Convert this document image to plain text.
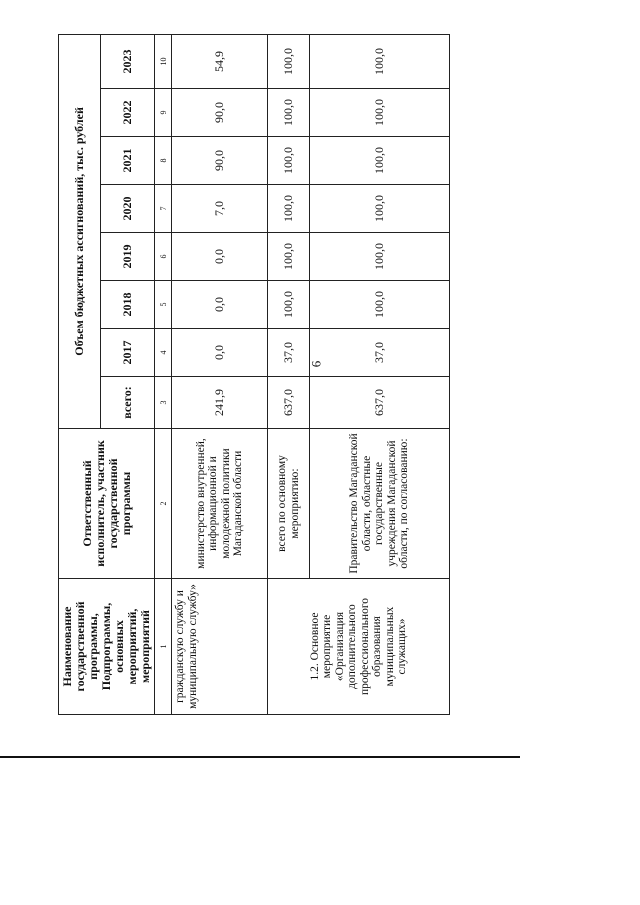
6
Наименование государственной программы, Подпрограммы, основных мероприятий, мероприятий	Ответственный исполнитель, участник государственной программы	Объем бюджетных ассигнований, тыс. рублей							
		всего:	2017	2018	2019	2020	2021	2022	2023
1	2	3	4	5	6	7	8	9	10
гражданскую службу и муниципальную службу»	министерство внутренней, информационной и молодежной политики Магаданской области	241,9	0,0	0,0	0,0	7,0	90,0	90,0	54,9
1.2. Основное мероприятие «Организация дополнительного профессионального образования муниципальных служащих»	всего по основному мероприятию:	637,0	37,0	100,0	100,0	100,0	100,0	100,0	100,0
	Правительство Магаданской области, областные государственные учреждения Магаданской области, по согласованию:	637,0	37,0	100,0	100,0	100,0	100,0	100,0	100,0
